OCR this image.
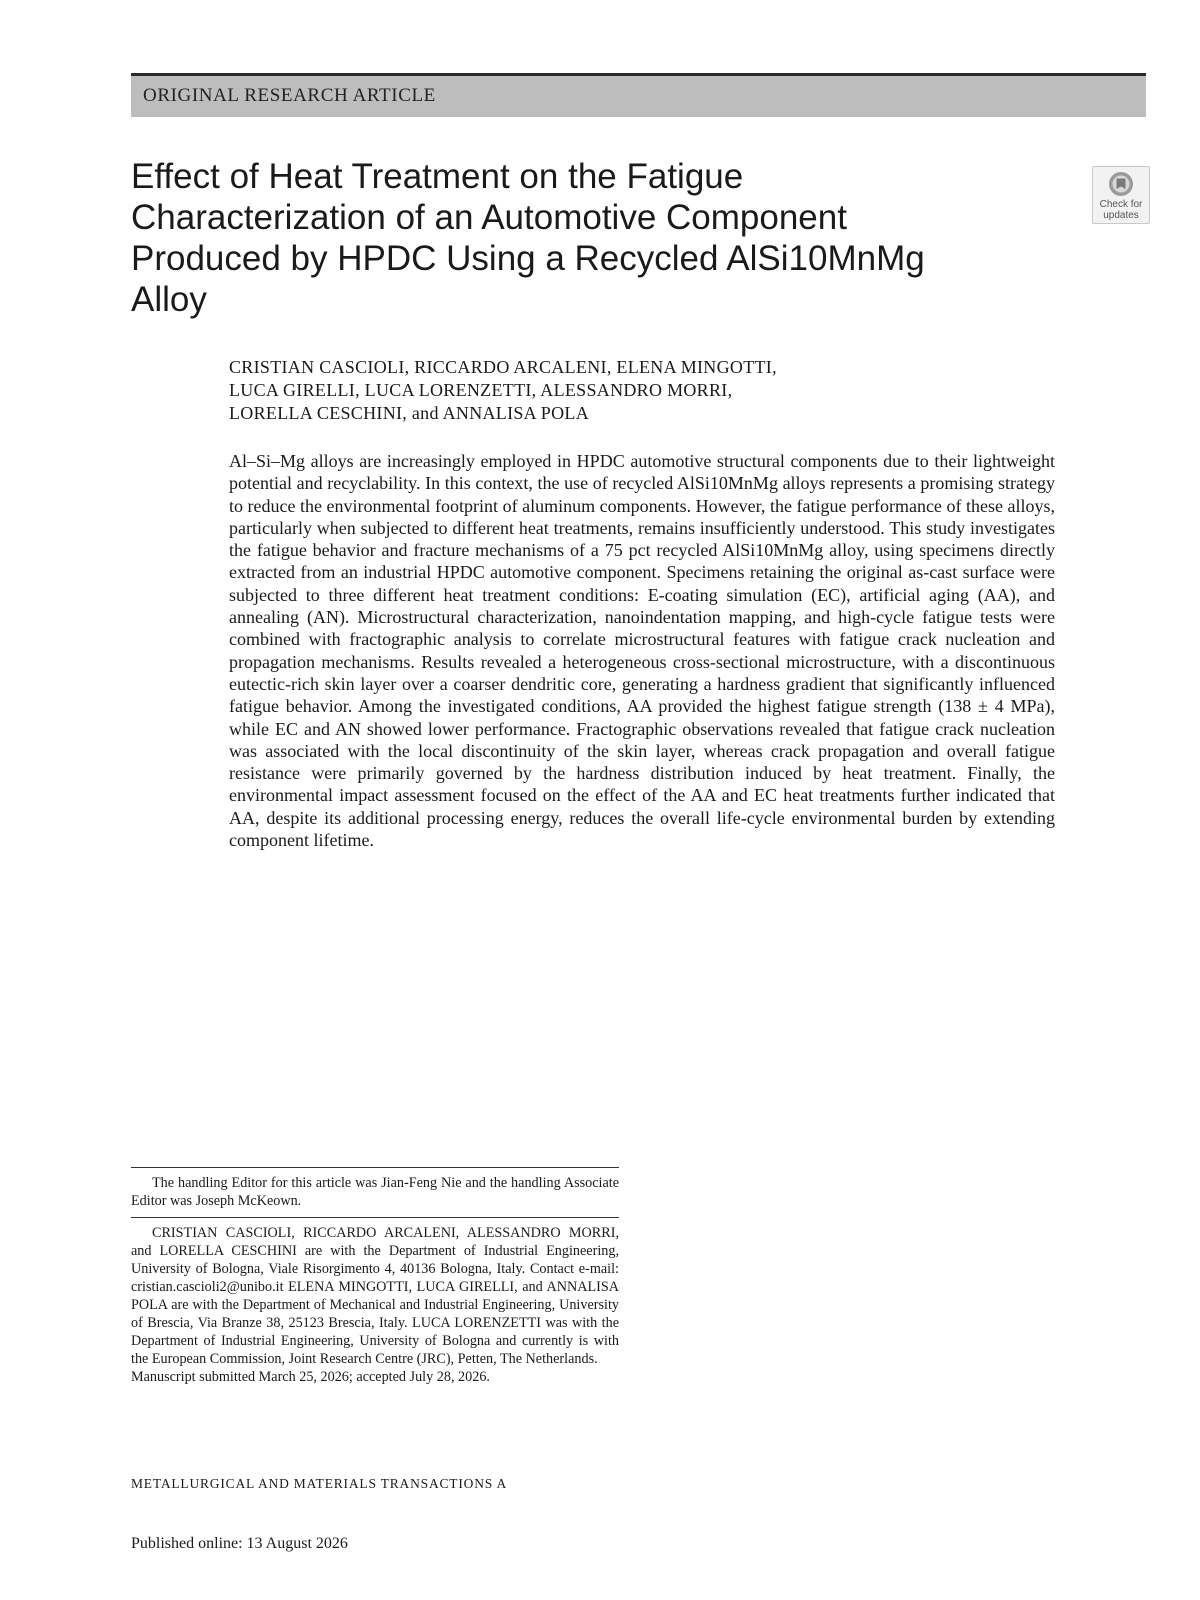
ORIGINAL RESEARCH ARTICLE
Effect of Heat Treatment on the Fatigue
Characterization of an Automotive Component
Produced by HPDC Using a Recycled AlSi10MnMg
Alloy
Check for
updates
CRISTIAN CASCIOLI, RICCARDO ARCALENI, ELENA MINGOTTI,
LUCA GIRELLI, LUCA LORENZETTI, ALESSANDRO MORRI,
LORELLA CESCHINI, and ANNALISA POLA

Al–Si–Mg alloys are increasingly employed in HPDC automotive structural components due to their lightweight potential and recyclability. In this context, the use of recycled AlSi10MnMg alloys represents a promising strategy to reduce the environmental footprint of aluminum components. However, the fatigue performance of these alloys, particularly when subjected to different heat treatments, remains insufficiently understood. This study investigates the fatigue behavior and fracture mechanisms of a 75 pct recycled AlSi10MnMg alloy, using specimens directly extracted from an industrial HPDC automotive component. Specimens retaining the original as-cast surface were subjected to three different heat treatment conditions: E-coating simulation (EC), artificial aging (AA), and annealing (AN). Microstructural characterization, nanoindentation mapping, and high-cycle fatigue tests were combined with fractographic analysis to correlate microstructural features with fatigue crack nucleation and propagation mechanisms. Results revealed a heterogeneous cross-sectional microstructure, with a discontinuous eutectic-rich skin layer over a coarser dendritic core, generating a hardness gradient that significantly influenced fatigue behavior. Among the investigated conditions, AA provided the highest fatigue strength (138 ± 4 MPa), while EC and AN showed lower performance. Fractographic observations revealed that fatigue crack nucleation was associated with the local discontinuity of the skin layer, whereas crack propagation and overall fatigue resistance were primarily governed by the hardness distribution induced by heat treatment. Finally, the environmental impact assessment focused on the effect of the AA and EC heat treatments further indicated that AA, despite its additional processing energy, reduces the overall life-cycle environmental burden by extending component lifetime.

The handling Editor for this article was Jian-Feng Nie and the handling Associate Editor was Joseph McKeown.

CRISTIAN CASCIOLI, RICCARDO ARCALENI, ALESSANDRO MORRI, and LORELLA CESCHINI are with the Department of Industrial Engineering, University of Bologna, Viale Risorgimento 4, 40136 Bologna, Italy. Contact e-mail: cristian.cascioli2@unibo.it ELENA MINGOTTI, LUCA GIRELLI, and ANNALISA POLA are with the Department of Mechanical and Industrial Engineering, University of Brescia, Via Branze 38, 25123 Brescia, Italy. LUCA LORENZETTI was with the Department of Industrial Engineering, University of Bologna and currently is with the European Commission, Joint Research Centre (JRC), Petten, The Netherlands.

Manuscript submitted March 25, 2026; accepted July 28, 2026.

METALLURGICAL AND MATERIALS TRANSACTIONS A
Published online: 13 August 2026
